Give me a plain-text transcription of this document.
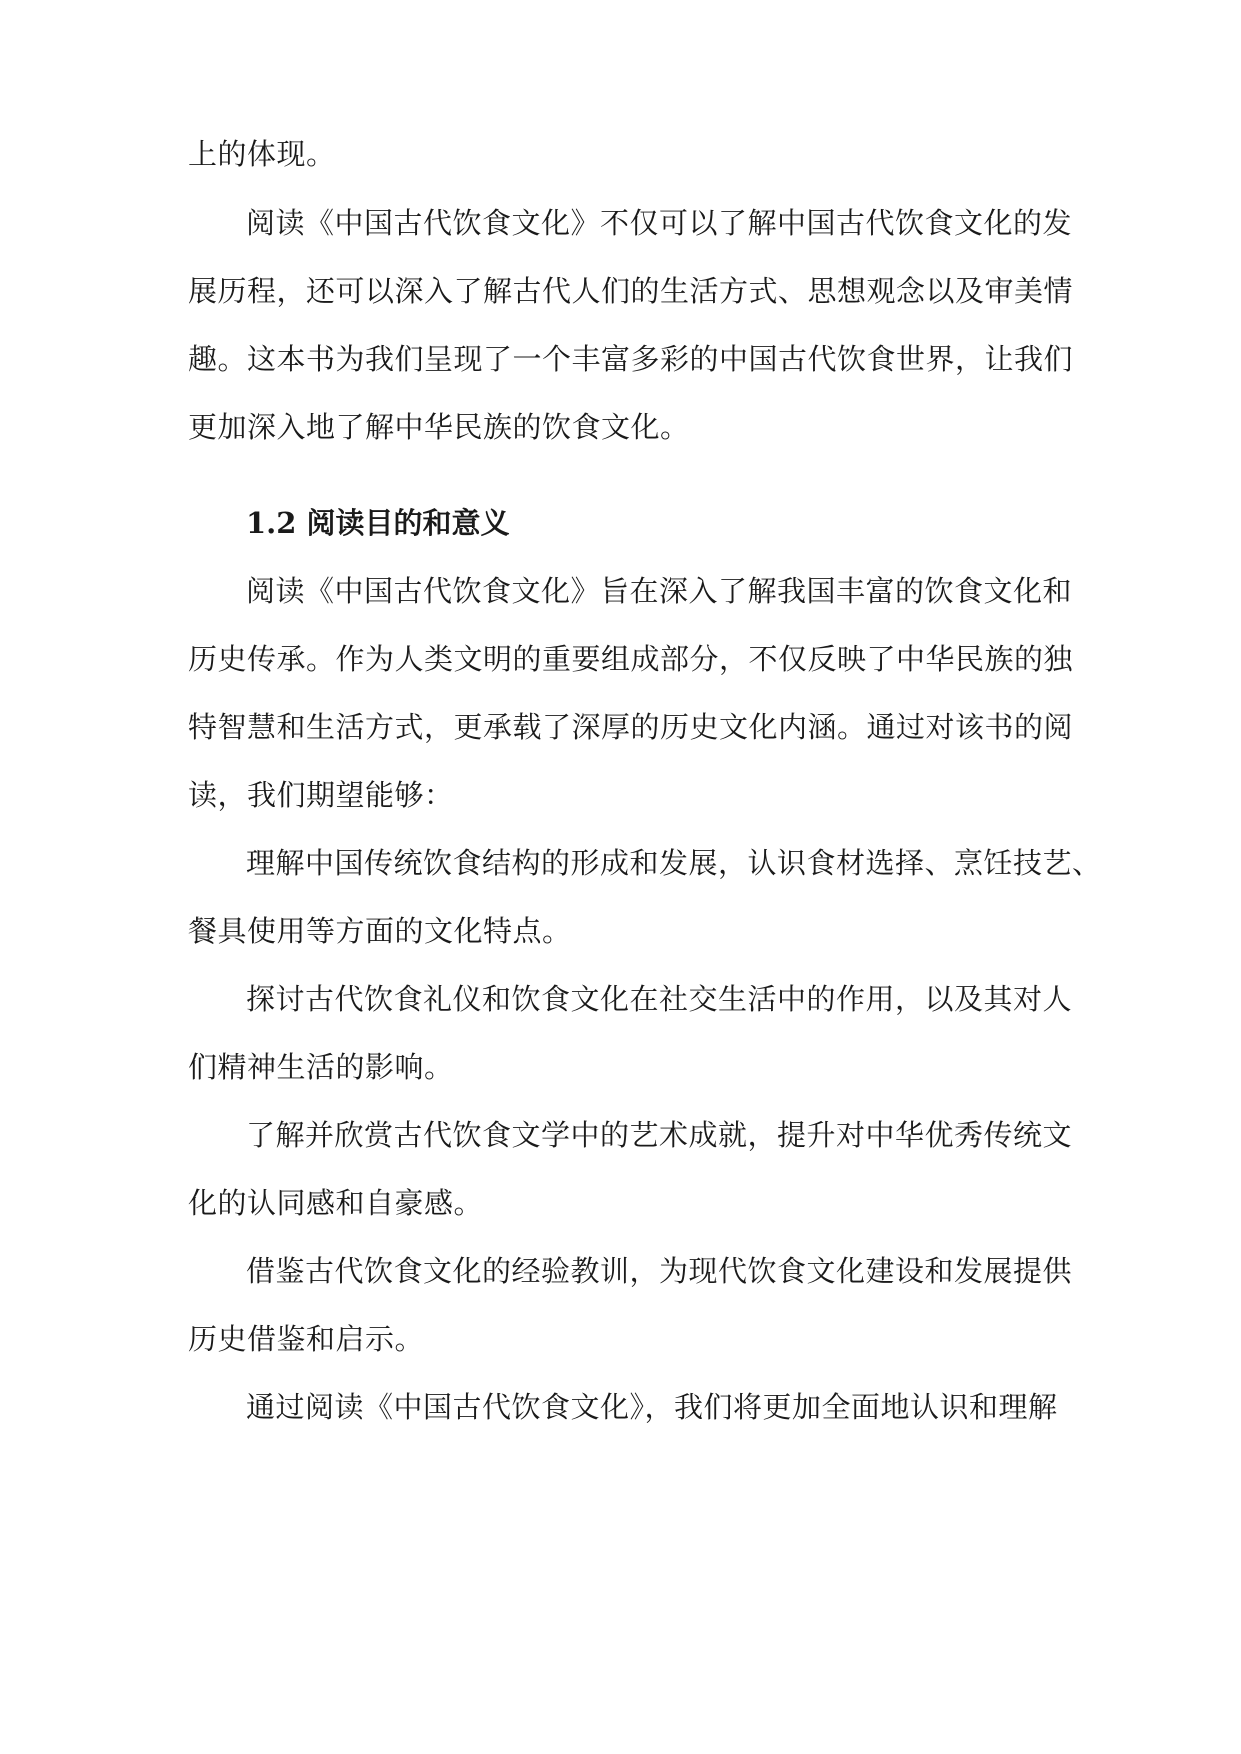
上的体现。
阅读《中国古代饮食文化》不仅可以了解中国古代饮食文化的发
展历程，还可以深入了解古代人们的生活方式、思想观念以及审美情
趣。这本书为我们呈现了一个丰富多彩的中国古代饮食世界，让我们
更加深入地了解中华民族的饮食文化。
1.2 阅读目的和意义
阅读《中国古代饮食文化》旨在深入了解我国丰富的饮食文化和
历史传承。作为人类文明的重要组成部分，不仅反映了中华民族的独
特智慧和生活方式，更承载了深厚的历史文化内涵。通过对该书的阅
读，我们期望能够：
理解中国传统饮食结构的形成和发展，认识食材选择、烹饪技艺、
餐具使用等方面的文化特点。
探讨古代饮食礼仪和饮食文化在社交生活中的作用，以及其对人
们精神生活的影响。
了解并欣赏古代饮食文学中的艺术成就，提升对中华优秀传统文
化的认同感和自豪感。
借鉴古代饮食文化的经验教训，为现代饮食文化建设和发展提供
历史借鉴和启示。
通过阅读《中国古代饮食文化》，我们将更加全面地认识和理解
